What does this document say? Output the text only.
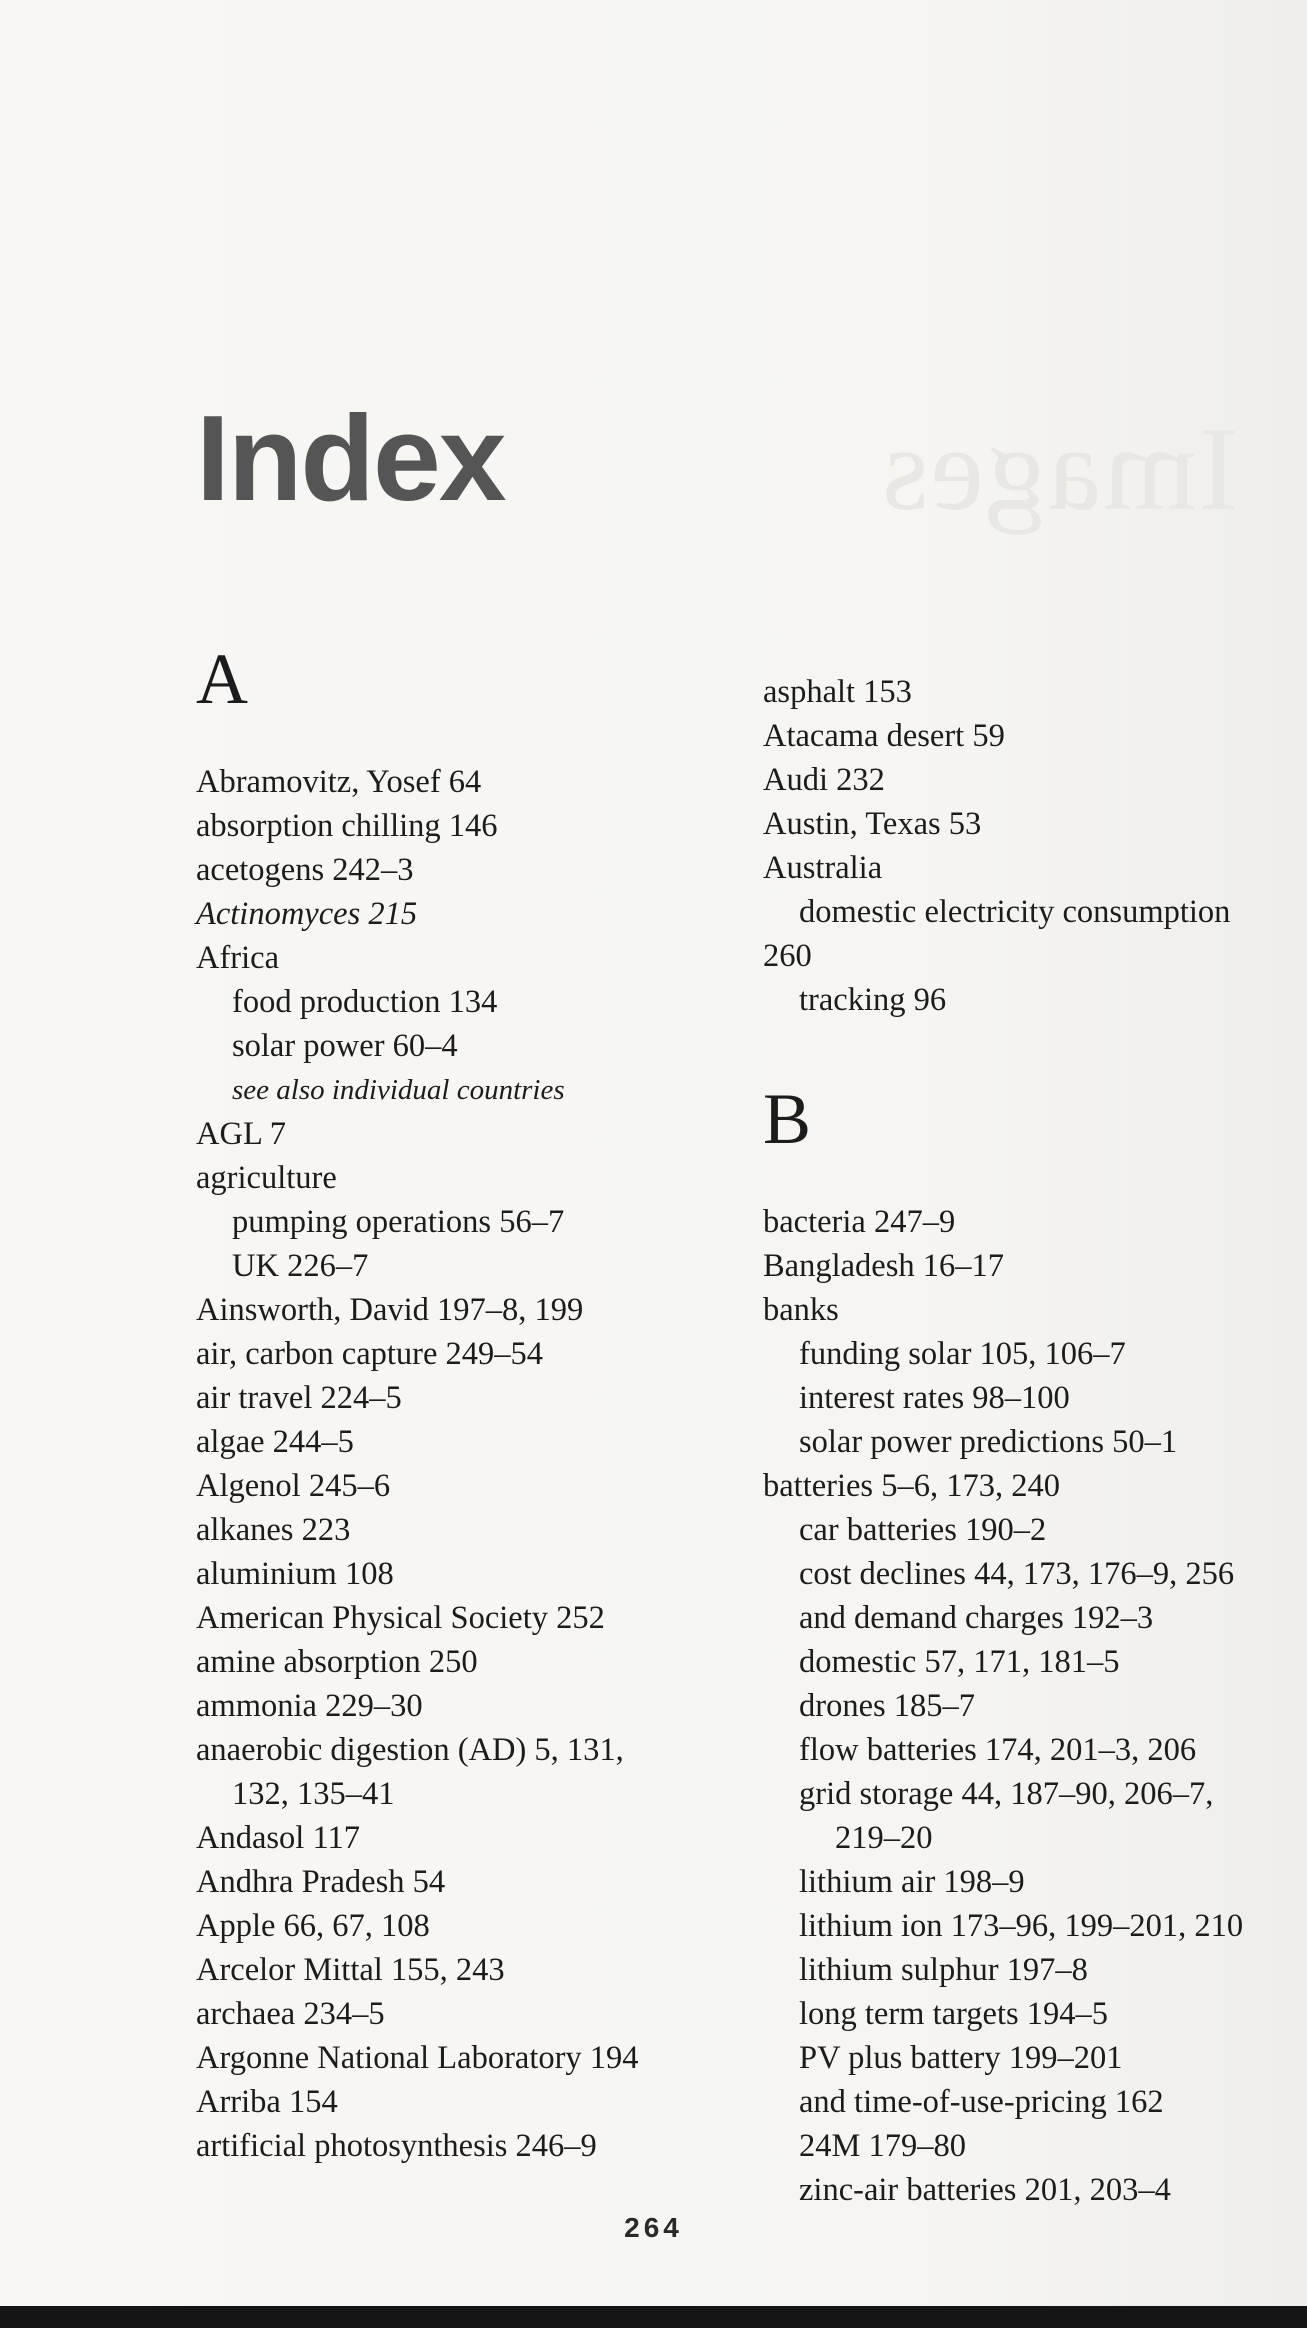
Images
Index
A
Abramovitz, Yosef 64
absorption chilling 146
acetogens 242–3
Actinomyces 215
Africa
food production 134
solar power 60–4
see also individual countries
AGL 7
agriculture
pumping operations 56–7
UK 226–7
Ainsworth, David 197–8, 199
air, carbon capture 249–54
air travel 224–5
algae 244–5
Algenol 245–6
alkanes 223
aluminium 108
American Physical Society 252
amine absorption 250
ammonia 229–30
anaerobic digestion (AD) 5, 131,
132, 135–41
Andasol 117
Andhra Pradesh 54
Apple 66, 67, 108
Arcelor Mittal 155, 243
archaea 234–5
Argonne National Laboratory 194
Arriba 154
artificial photosynthesis 246–9
asphalt 153
Atacama desert 59
Audi 232
Austin, Texas 53
Australia
domestic electricity consumption
260
tracking 96
B
bacteria 247–9
Bangladesh 16–17
banks
funding solar 105, 106–7
interest rates 98–100
solar power predictions 50–1
batteries 5–6, 173, 240
car batteries 190–2
cost declines 44, 173, 176–9, 256
and demand charges 192–3
domestic 57, 171, 181–5
drones 185–7
flow batteries 174, 201–3, 206
grid storage 44, 187–90, 206–7,
219–20
lithium air 198–9
lithium ion 173–96, 199–201, 210
lithium sulphur 197–8
long term targets 194–5
PV plus battery 199–201
and time-of-use-pricing 162
24M 179–80
zinc-air batteries 201, 203–4
264
